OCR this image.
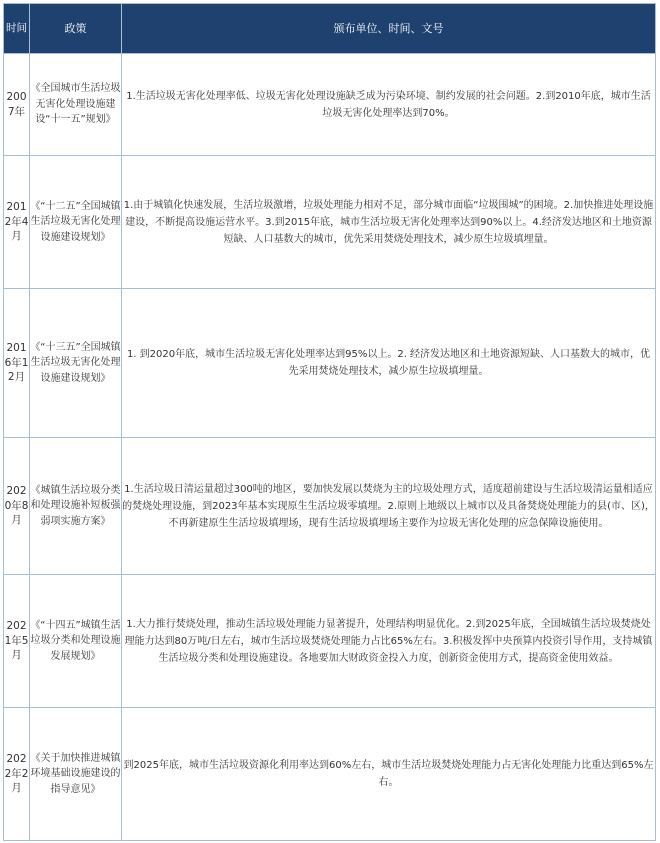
时间	政策	颁布单位、时间、文号
2007年	《全国城市生活垃圾无害化处理设施建设“十一五”规划》	1.生活垃圾无害化处理率低、垃圾无害化处理设施缺乏成为污染环境、制约发展的社会问题。2.到2010年底，城市生活垃圾无害化处理率达到70%。
2012年4月	《“十二五”全国城镇生活垃圾无害化处理设施建设规划》	1.由于城镇化快速发展，生活垃圾激增，垃圾处理能力相对不足，部分城市面临“垃圾围城”的困境。2.加快推进处理设施建设，不断提高设施运营水平。3.到2015年底，城市生活垃圾无害化处理率达到90%以上。4.经济发达地区和土地资源短缺、人口基数大的城市，优先采用焚烧处理技术，减少原生垃圾填埋量。
2016年12月	《“十三五”全国城镇生活垃圾无害化处理设施建设规划》	1. 到2020年底，城市生活垃圾无害化处理率达到95%以上。2. 经济发达地区和土地资源短缺、人口基数大的城市，优先采用焚烧处理技术，减少原生垃圾填埋量。
2020年8月	《城镇生活垃圾分类和处理设施补短板强弱项实施方案》	1.生活垃圾日清运量超过300吨的地区，要加快发展以焚烧为主的垃圾处理方式，适度超前建设与生活垃圾清运量相适应的焚烧处理设施，到2023年基本实现原生生活垃圾零填埋。2.原则上地级以上城市以及具备焚烧处理能力的县(市、区)，不再新建原生生活垃圾填埋场，现有生活垃圾填埋场主要作为垃圾无害化处理的应急保障设施使用。
2021年5月	《“十四五”城镇生活垃圾分类和处理设施发展规划》	1.大力推行焚烧处理，推动生活垃圾处理能力显著提升，处理结构明显优化。2.到2025年底，全国城镇生活垃圾焚烧处理能力达到80万吨/日左右，城市生活垃圾焚烧处理能力占比65%左右。3.积极发挥中央预算内投资引导作用，支持城镇生活垃圾分类和处理设施建设。各地要加大财政资金投入力度，创新资金使用方式，提高资金使用效益。
2022年2月	《关于加快推进城镇环境基础设施建设的指导意见》	到2025年底，城市生活垃圾资源化利用率达到60%左右，城市生活垃圾焚烧处理能力占无害化处理能力比重达到65%左右。
